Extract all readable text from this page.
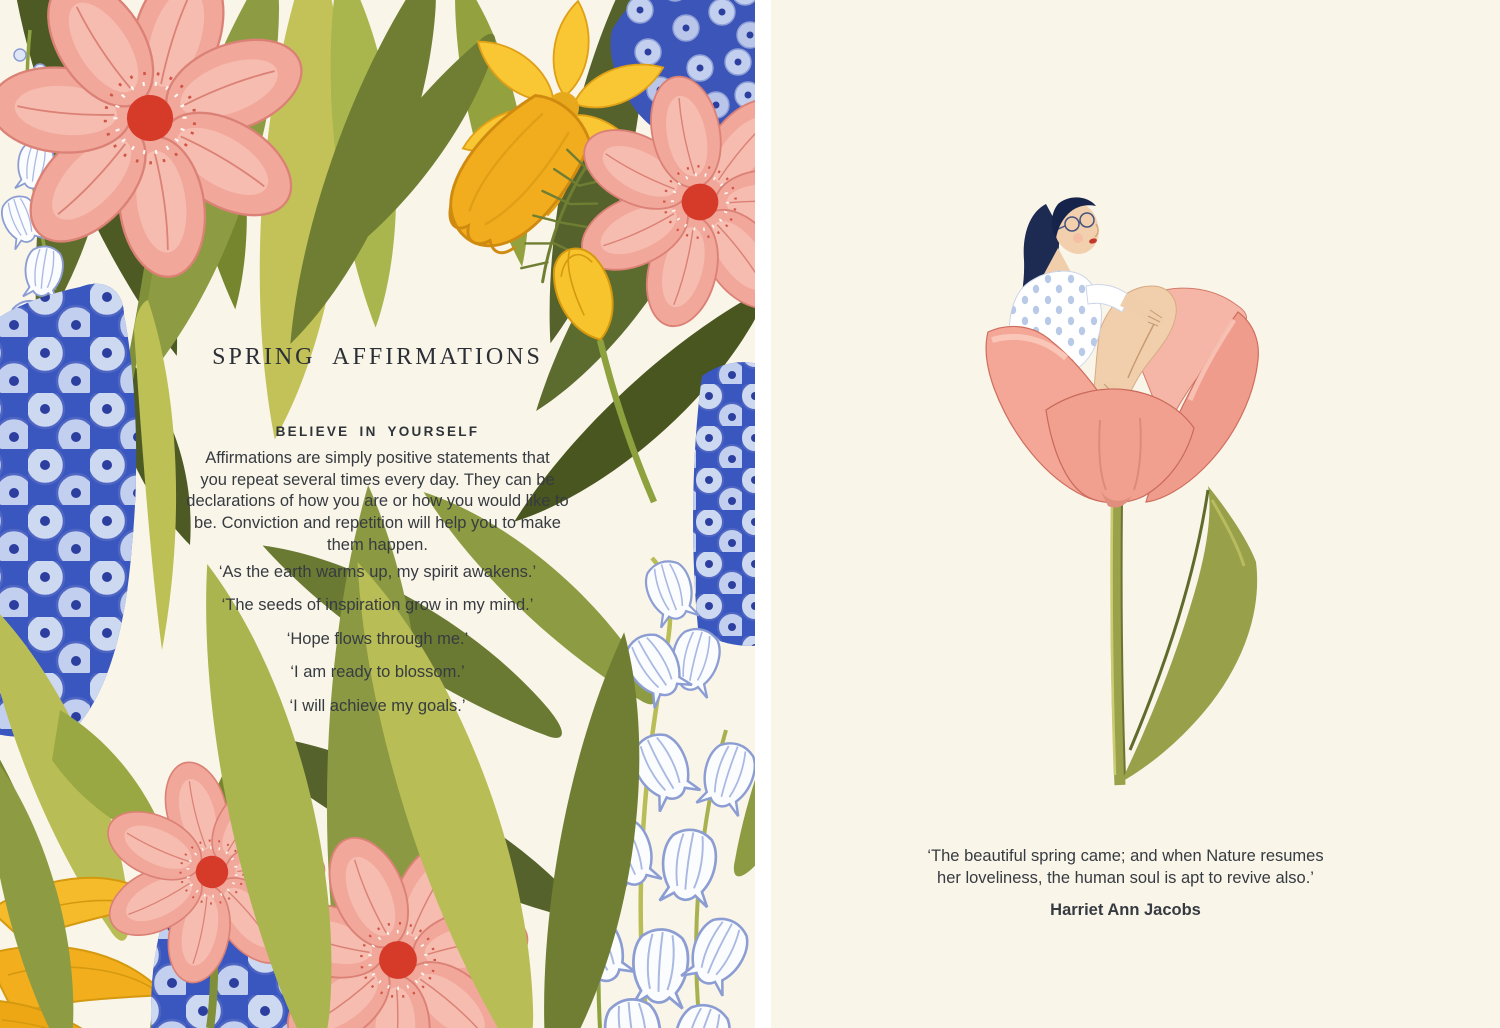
SPRING AFFIRMATIONS
BELIEVE IN YOURSELF
Affirmations are simply positive statements that
you repeat several times every day. They can be
declarations of how you are or how you would like to
be. Conviction and repetition will help you to make
them happen.

‘As the earth warms up, my spirit awakens.’

‘The seeds of inspiration grow in my mind.’

‘Hope flows through me.’

‘I am ready to blossom.’

‘I will achieve my goals.’

‘The beautiful spring came; and when Nature resumes

her loveliness, the human soul is apt to revive also.’

Harriet Ann Jacobs
